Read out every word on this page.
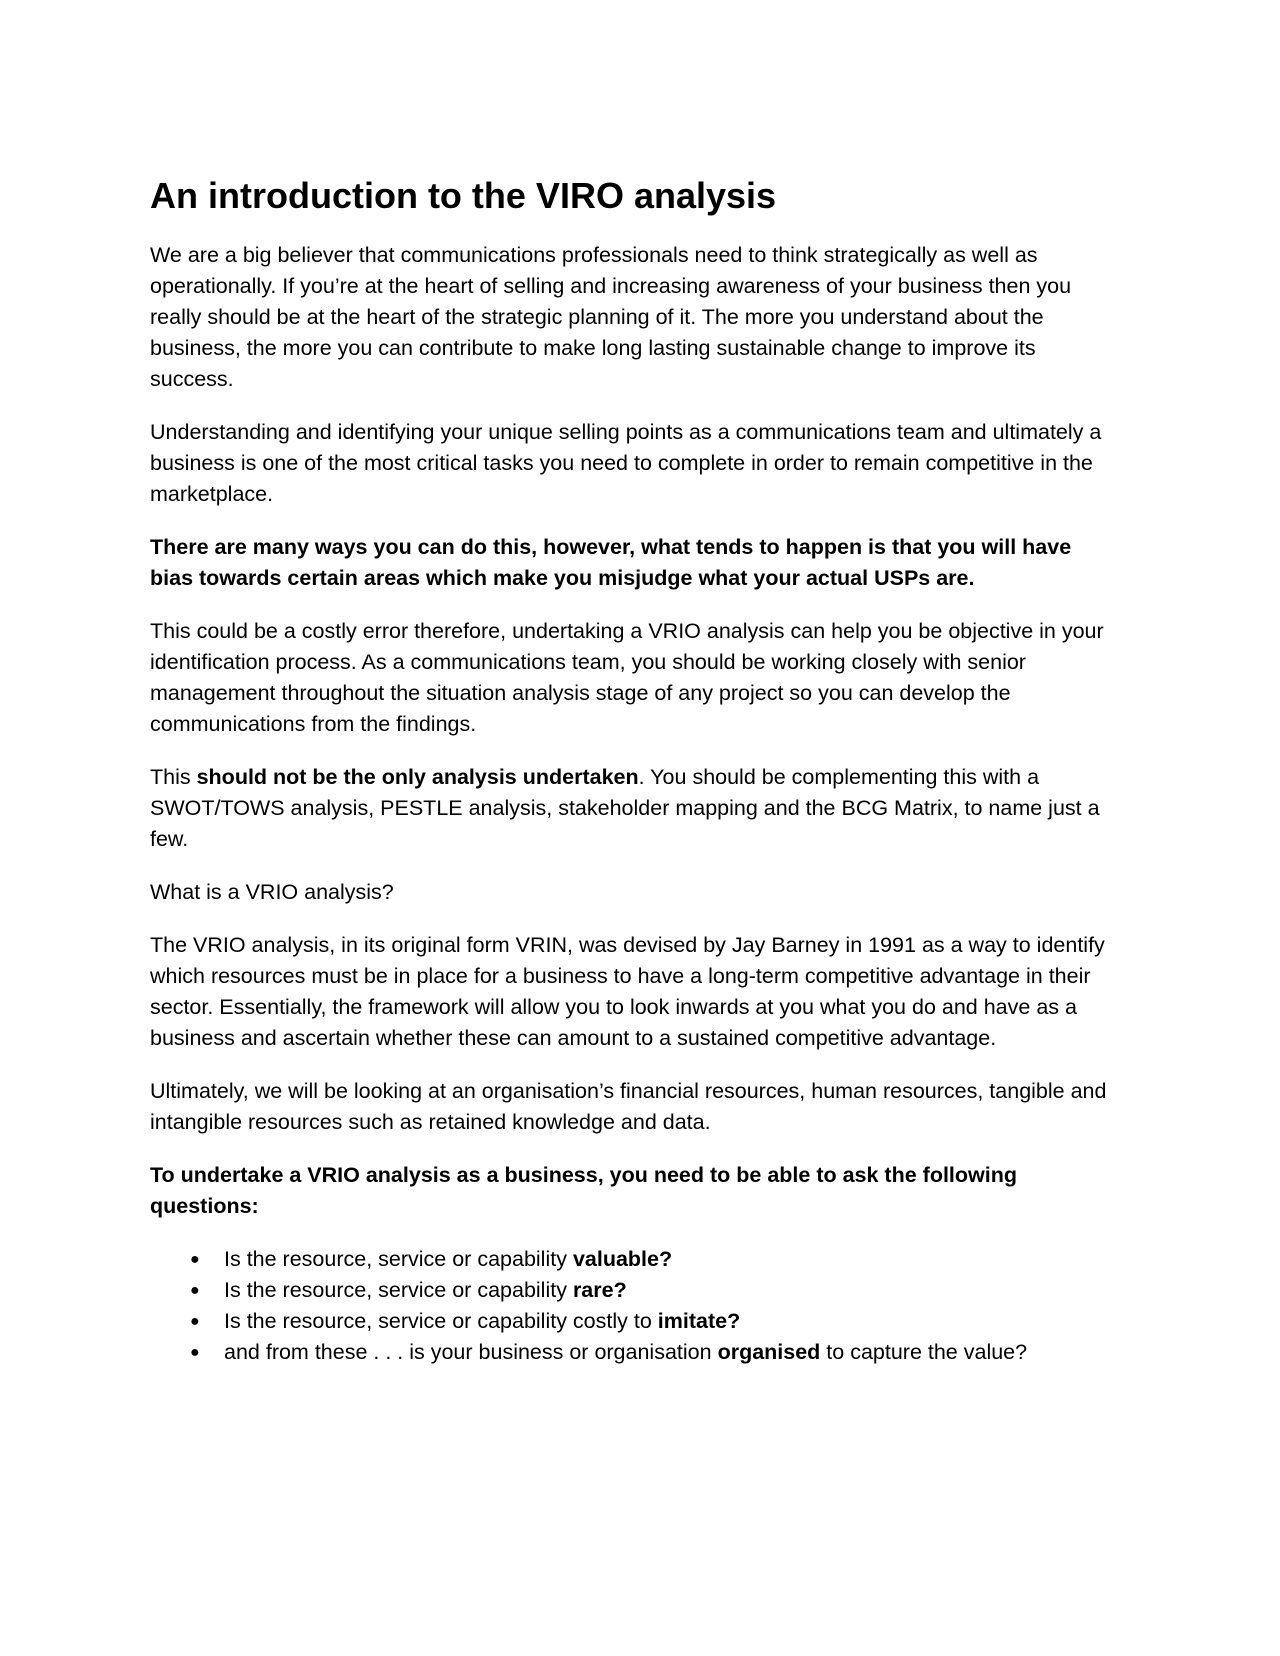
An introduction to the VIRO analysis

We are a big believer that communications professionals need to think strategically as well as operationally. If you’re at the heart of selling and increasing awareness of your business then you really should be at the heart of the strategic planning of it. The more you understand about the business, the more you can contribute to make long lasting sustainable change to improve its success.

Understanding and identifying your unique selling points as a communications team and ultimately a business is one of the most critical tasks you need to complete in order to remain competitive in the marketplace.

There are many ways you can do this, however, what tends to happen is that you will have bias towards certain areas which make you misjudge what your actual USPs are.

This could be a costly error therefore, undertaking a VRIO analysis can help you be objective in your identification process. As a communications team, you should be working closely with senior management throughout the situation analysis stage of any project so you can develop the communications from the findings.

This should not be the only analysis undertaken. You should be complementing this with a SWOT/TOWS analysis, PESTLE analysis, stakeholder mapping and the BCG Matrix, to name just a few.

What is a VRIO analysis?

The VRIO analysis, in its original form VRIN, was devised by Jay Barney in 1991 as a way to identify which resources must be in place for a business to have a long-term competitive advantage in their sector. Essentially, the framework will allow you to look inwards at you what you do and have as a business and ascertain whether these can amount to a sustained competitive advantage.

Ultimately, we will be looking at an organisation’s financial resources, human resources, tangible and intangible resources such as retained knowledge and data.

To undertake a VRIO analysis as a business, you need to be able to ask the following questions:

● Is the resource, service or capability valuable?
● Is the resource, service or capability rare?
● Is the resource, service or capability costly to imitate?
● and from these . . . is your business or organisation organised to capture the value?
